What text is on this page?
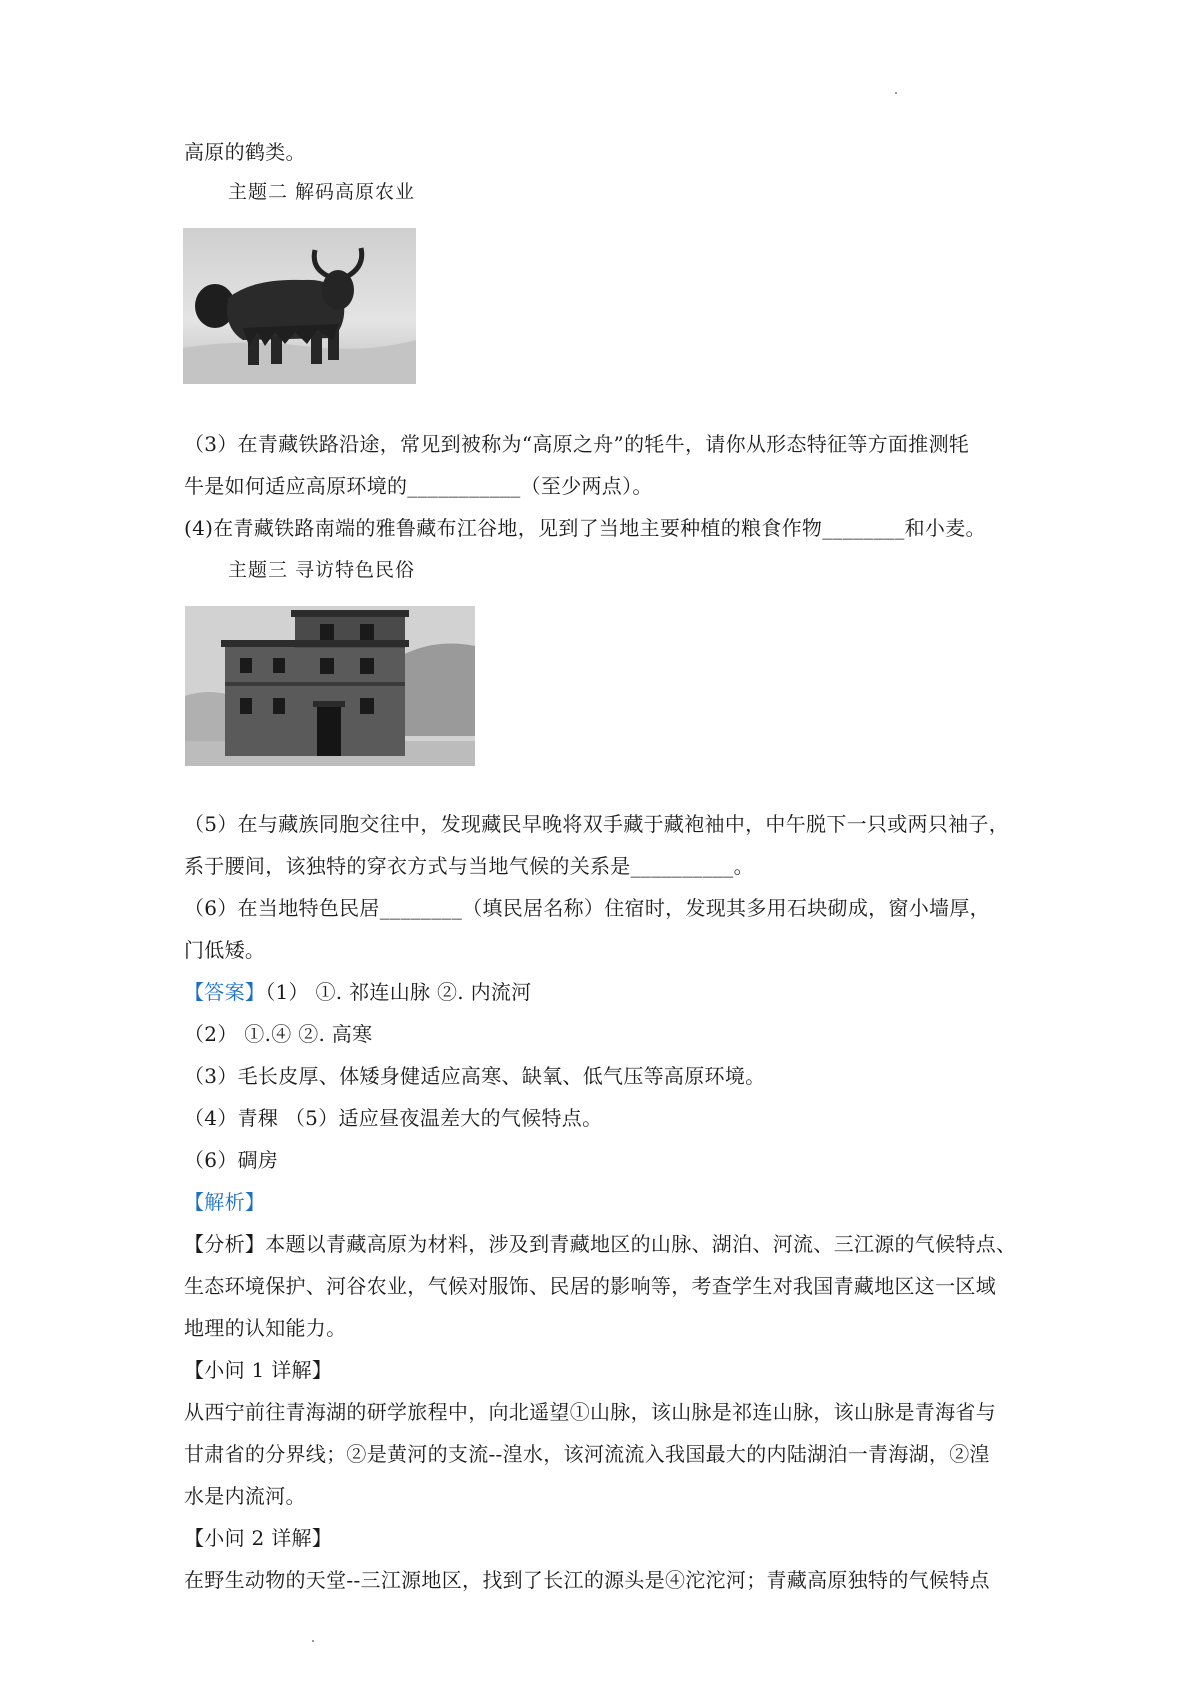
高原的鹤类。
主题二 解码高原农业
（3）在青藏铁路沿途，常见到被称为“高原之舟”的牦牛，请你从形态特征等方面推测牦
牛是如何适应高原环境的___________（至少两点）。
(4)在青藏铁路南端的雅鲁藏布江谷地，见到了当地主要种植的粮食作物________和小麦。
主题三 寻访特色民俗
（5）在与藏族同胞交往中，发现藏民早晚将双手藏于藏袍袖中，中午脱下一只或两只袖子，
系于腰间，该独特的穿衣方式与当地气候的关系是__________。
（6）在当地特色民居________（填民居名称）住宿时，发现其多用石块砌成，窗小墙厚，
门低矮。
【答案】（1） ①. 祁连山脉 ②. 内流河
（2） ①.④ ②. 高寒
（3）毛长皮厚、体矮身健适应高寒、缺氧、低气压等高原环境。
（4）青稞 （5）适应昼夜温差大的气候特点。
（6）碉房
【解析】
【分析】本题以青藏高原为材料，涉及到青藏地区的山脉、湖泊、河流、三江源的气候特点、
生态环境保护、河谷农业，气候对服饰、民居的影响等，考查学生对我国青藏地区这一区域
地理的认知能力。
【小问 1 详解】
从西宁前往青海湖的研学旅程中，向北遥望①山脉，该山脉是祁连山脉，该山脉是青海省与
甘肃省的分界线；②是黄河的支流--湟水，该河流流入我国最大的内陆湖泊一青海湖，②湟
水是内流河。
【小问 2 详解】
在野生动物的天堂--三江源地区，找到了长江的源头是④沱沱河；青藏高原独特的气候特点
